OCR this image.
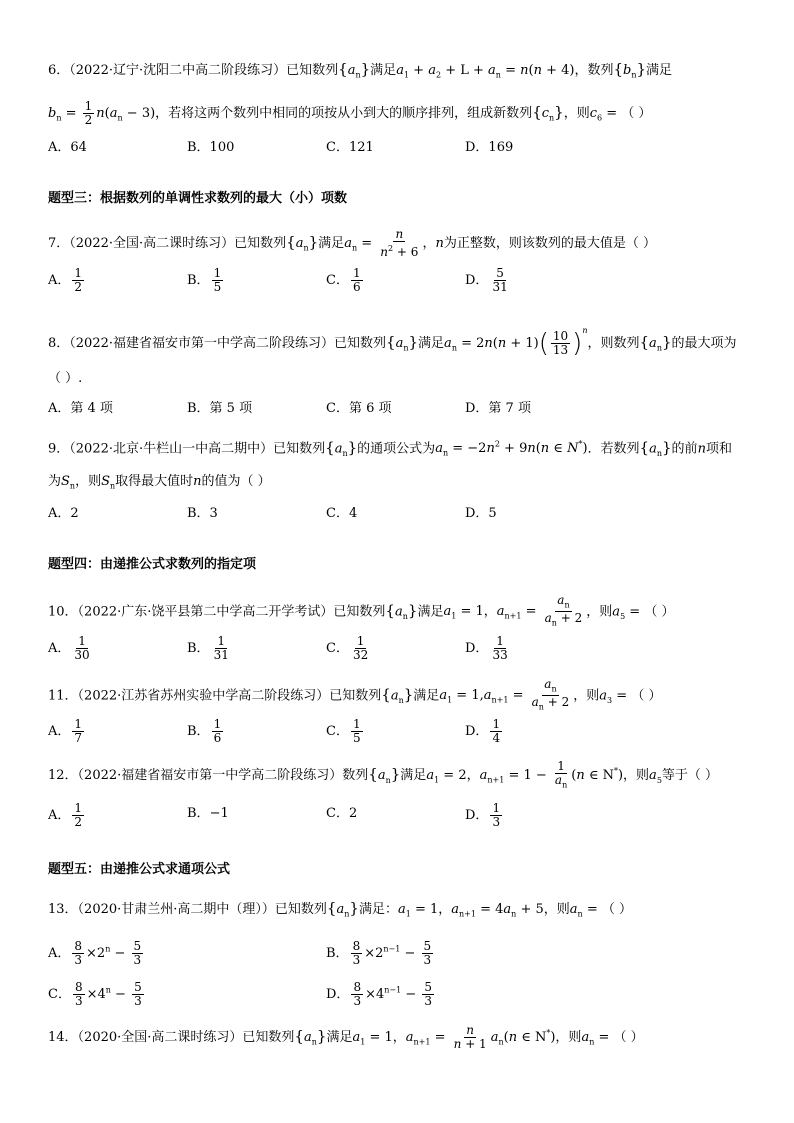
6．（2022·辽宁·沈阳二中高二阶段练习）已知数列$\{a_n\}$满足$a_1 + a_2 + L + a_n = n(n + 4)$，数列$\{b_n\}$满足
$b_n = \frac{1}{2} n(a_n - 3)$，若将这两个数列中相同的项按从小到大的顺序排列，组成新数列$\{c_n\}$，则$c_6$ = （ ）
A．64	B．100	C．121	D．169
题型三：根据数列的单调性求数列的最大（小）项数
7．（2022·全国·高二课时练习）已知数列$\{a_n\}$满足$a_n = \frac{n}{n^2 + 6}$ ，n为正整数，则该数列的最大值是（ ）
A． $\frac{1}{2}$	B． $\frac{1}{5}$	C． $\frac{1}{6}$	D． $\frac{5}{31}$
8．（2022·福建省福安市第一中学高二阶段练习）已知数列$\{a_n\}$满足$a_n = 2n(n + 1)( \frac{10}{13} )^n$，则数列$\{a_n\}$的最大项为
（ ）.
A．第 4 项	B．第 5 项	C．第 6 项	D．第 7 项
9．（2022·北京·牛栏山一中高二期中）已知数列$\{a_n\}$的通项公式为$a_n = -2n^2 + 9n(n$ ∈ N*)．若数列$\{a_n\}$的前n项和
为$S_n$，则$S_n$取得最大值时n的值为（ ）
A．2	B．3	C．4	D．5
题型四：由递推公式求数列的指定项
10．（2022·广东·饶平县第二中学高二开学考试）已知数列$\{a_n\}$满足$a_1 = 1$，$a_{n+1} = \frac{a_n}{a_n + 2}$ ，则$a_5$ = （ ）
A． $\frac{1}{30}$	B． $\frac{1}{31}$	C． $\frac{1}{32}$	D． $\frac{1}{33}$
11．（2022·江苏省苏州实验中学高二阶段练习）已知数列$\{a_n\}$满足$a_1 = 1,a_{n+1} = \frac{a_n}{a_n + 2}$ ，则$a_3$ = （ ）
A． $\frac{1}{7}$	B． $\frac{1}{6}$	C． $\frac{1}{5}$	D． $\frac{1}{4}$
12．（2022·福建省福安市第一中学高二阶段练习）数列$\{a_n\}$满足$a_1 = 2$，$a_{n+1} = 1 - \frac{1}{a_n} (n$ ∈ N*)，则$a_5$等于（ ）
A． $\frac{1}{2}$	B．−1	C．2	D． $\frac{1}{3}$
题型五：由递推公式求通项公式
13．（2020·甘肃兰州·高二期中（理））已知数列$\{a_n\}$满足：$a_1 = 1$，$a_{n+1} = 4a_n + 5$，则$a_n$ = （ ）
A． $\frac{8}{3} \times 2^n - \frac{5}{3}$	B． $\frac{8}{3} \times 2^{n-1} - \frac{5}{3}$
C． $\frac{8}{3} \times 4^n - \frac{5}{3}$	D． $\frac{8}{3} \times 4^{n-1} - \frac{5}{3}$
14．（2020·全国·高二课时练习）已知数列$\{a_n\}$满足$a_1 = 1$，$a_{n+1} = \frac{n}{n + 1} a_n(n$ ∈ N*)，则$a_n$ = （ ）
